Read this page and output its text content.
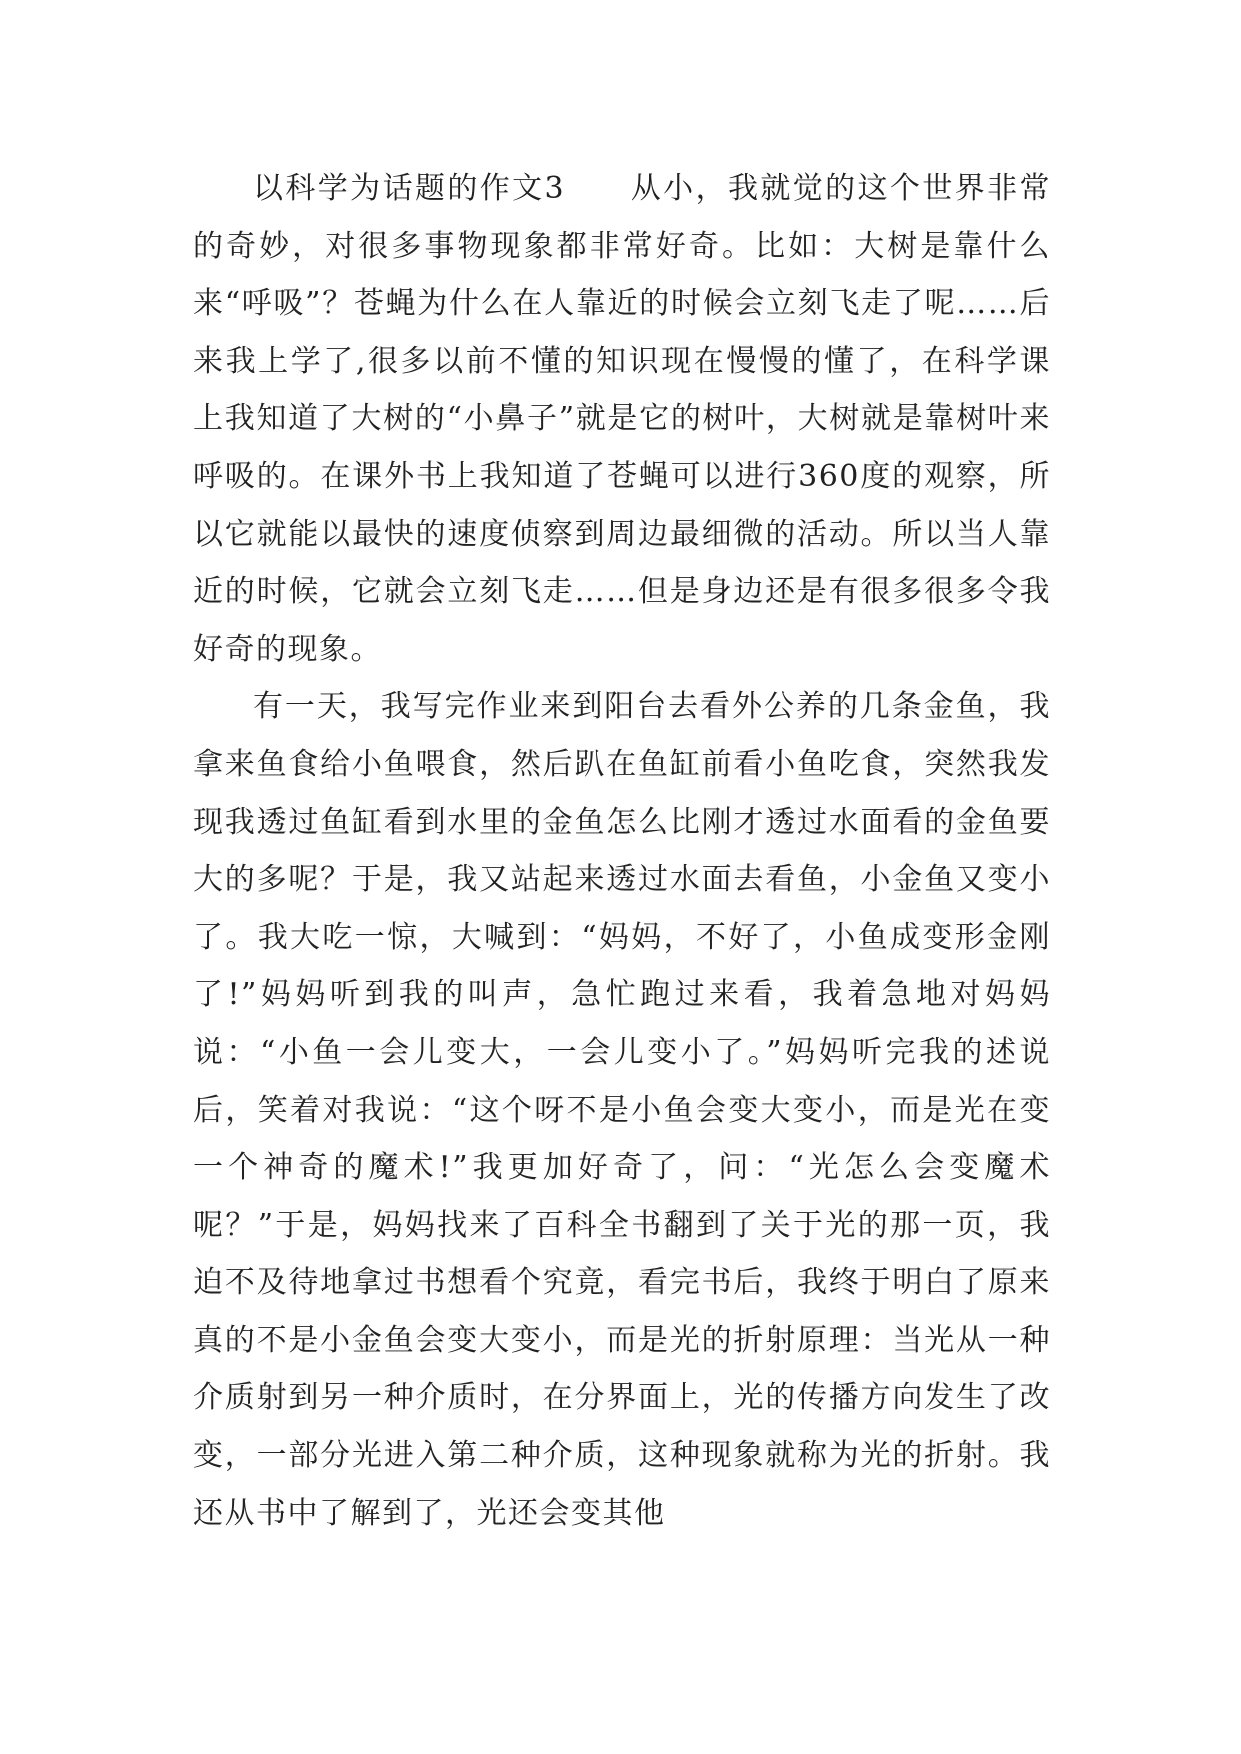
以科学为话题的作文3　　从小，我就觉的这个世界非常的奇妙，对很多事物现象都非常好奇。比如：大树是靠什么来“呼吸”？苍蝇为什么在人靠近的时候会立刻飞走了呢……后来我上学了,很多以前不懂的知识现在慢慢的懂了，在科学课上我知道了大树的“小鼻子”就是它的树叶，大树就是靠树叶来呼吸的。在课外书上我知道了苍蝇可以进行360度的观察，所以它就能以最快的速度侦察到周边最细微的活动。所以当人靠近的时候，它就会立刻飞走……但是身边还是有很多很多令我好奇的现象。

有一天，我写完作业来到阳台去看外公养的几条金鱼，我拿来鱼食给小鱼喂食，然后趴在鱼缸前看小鱼吃食，突然我发现我透过鱼缸看到水里的金鱼怎么比刚才透过水面看的金鱼要大的多呢？于是，我又站起来透过水面去看鱼，小金鱼又变小了。我大吃一惊，大喊到：“妈妈，不好了，小鱼成变形金刚了!”妈妈听到我的叫声，急忙跑过来看，我着急地对妈妈说：“小鱼一会儿变大，一会儿变小了。”妈妈听完我的述说后，笑着对我说：“这个呀不是小鱼会变大变小，而是光在变一个神奇的魔术!”我更加好奇了，问：“光怎么会变魔术呢？”于是，妈妈找来了百科全书翻到了关于光的那一页，我迫不及待地拿过书想看个究竟，看完书后，我终于明白了原来真的不是小金鱼会变大变小，而是光的折射原理：当光从一种介质射到另一种介质时，在分界面上，光的传播方向发生了改变，一部分光进入第二种介质，这种现象就称为光的折射。我还从书中了解到了，光还会变其他
